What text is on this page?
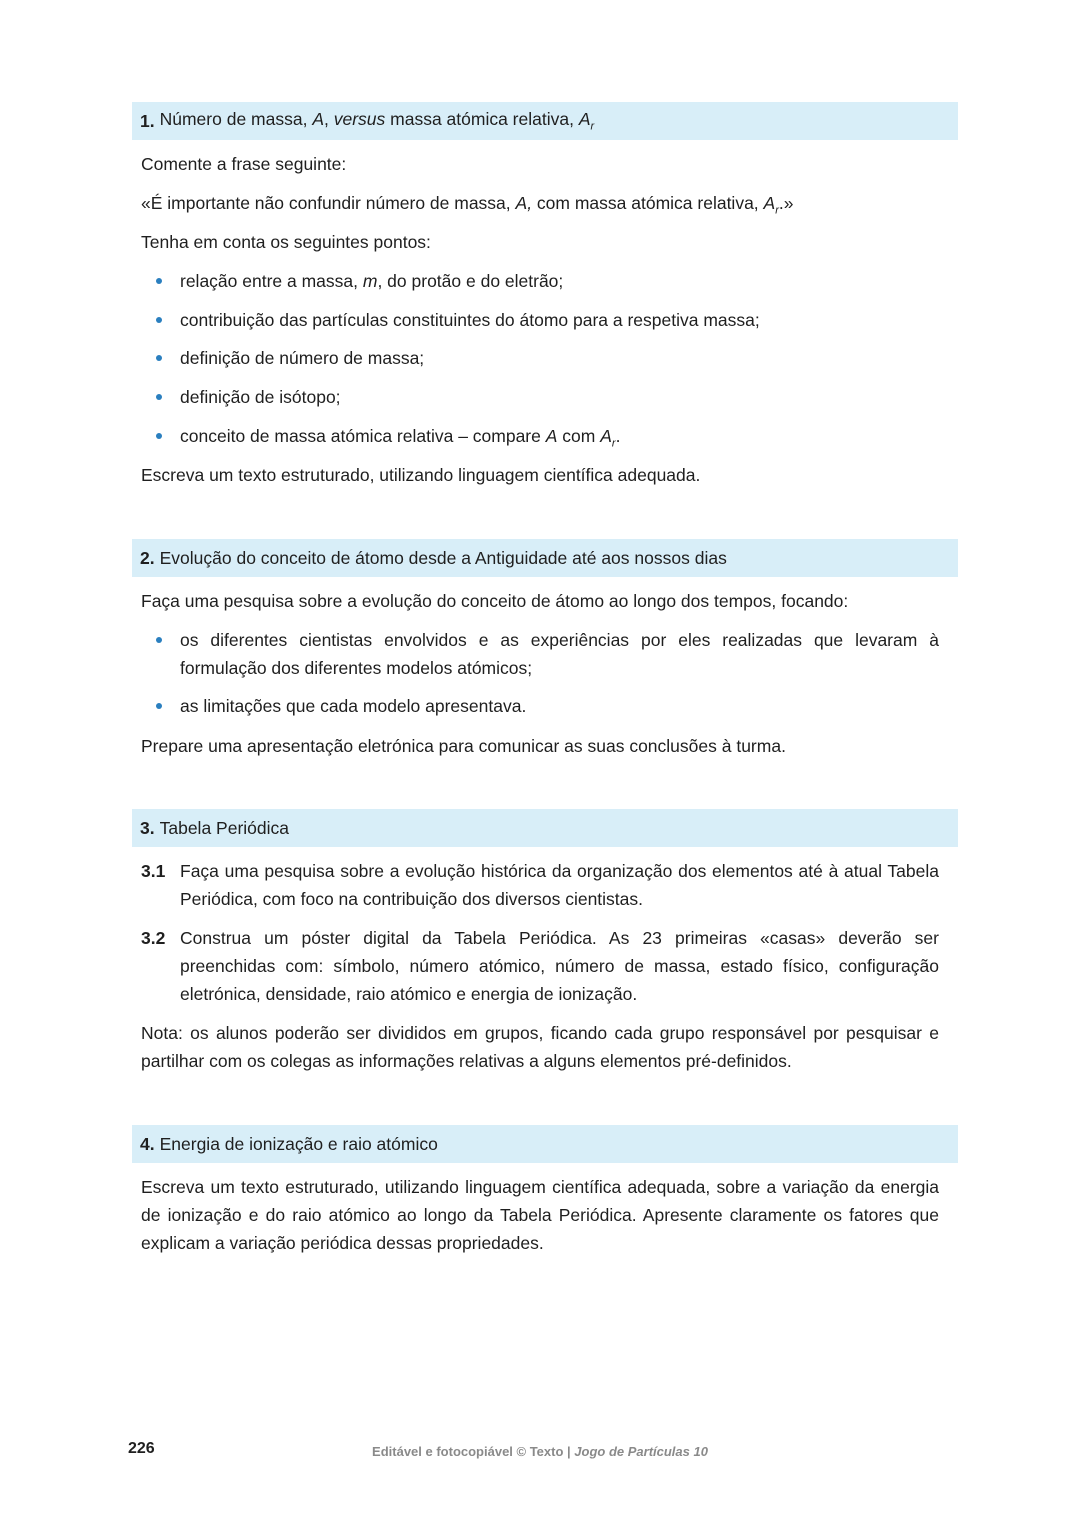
1. Número de massa, A, versus massa atómica relativa, $A_r$

Comente a frase seguinte:

«É importante não confundir número de massa, A, com massa atómica relativa, $A_r$.»

Tenha em conta os seguintes pontos:

relação entre a massa, m, do protão e do eletrão;
contribuição das partículas constituintes do átomo para a respetiva massa;
definição de número de massa;
definição de isótopo;
conceito de massa atómica relativa – compare A com $A_r$.

Escreva um texto estruturado, utilizando linguagem científica adequada.

2. Evolução do conceito de átomo desde a Antiguidade até aos nossos dias

Faça uma pesquisa sobre a evolução do conceito de átomo ao longo dos tempos, focando:

os diferentes cientistas envolvidos e as experiências por eles realizadas que levaram à formulação dos diferentes modelos atómicos;
as limitações que cada modelo apresentava.

Prepare uma apresentação eletrónica para comunicar as suas conclusões à turma.

3. Tabela Periódica
3.1 Faça uma pesquisa sobre a evolução histórica da organização dos elementos até à atual Tabela Periódica, com foco na contribuição dos diversos cientistas.
3.2 Construa um póster digital da Tabela Periódica. As 23 primeiras «casas» deverão ser preenchidas com: símbolo, número atómico, número de massa, estado físico, configuração eletrónica, densidade, raio atómico e energia de ionização.

Nota: os alunos poderão ser divididos em grupos, ficando cada grupo responsável por pesquisar e partilhar com os colegas as informações relativas a alguns elementos pré-definidos.

4. Energia de ionização e raio atómico

Escreva um texto estruturado, utilizando linguagem científica adequada, sobre a variação da energia de ionização e do raio atómico ao longo da Tabela Periódica. Apresente claramente os fatores que explicam a variação periódica dessas propriedades.

226	Editável e fotocopiável © Texto | Jogo de Partículas 10
